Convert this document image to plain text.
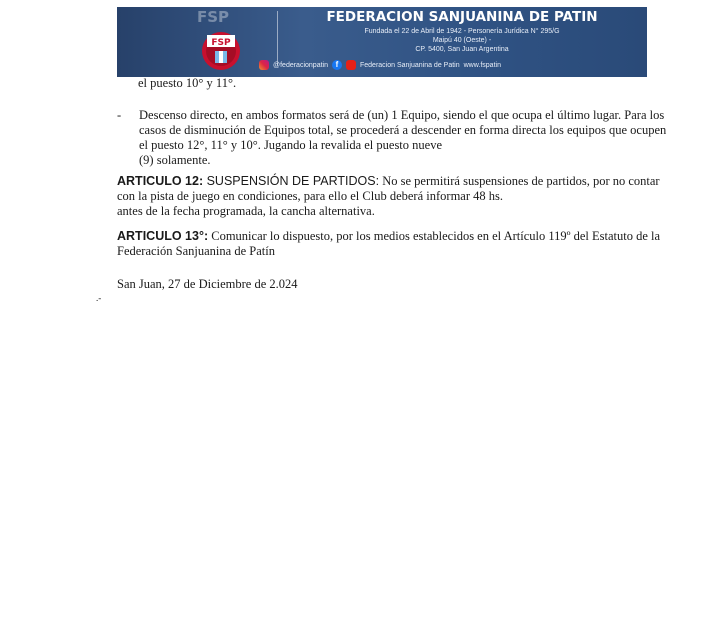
FSP
FSP
FEDERACION SANJUANINA DE PATIN
Fundada el 22 de Abril de 1942 - Personería Jurídica N° 295/G
Maipú 40 (Oeste) -
CP. 5400, San Juan Argentina
@federacionpatin f	Federacion Sanjuanina de Patin www.fspatin
el puesto 10° y 11°.
- Descenso directo, en ambos formatos será de (un) 1 Equipo, siendo el que ocupa el último lugar. Para los
casos de disminución de Equipos total, se procederá a descender en forma directa los equipos que ocupen
el puesto 12°, 11° y 10°. Jugando la revalida el puesto nueve
(9) solamente.
ARTICULO 12: SUSPENSIÓN DE PARTIDOS: No se permitirá suspensiones de partidos, por no contar
con la pista de juego en condiciones, para ello el Club deberá informar 48 hs.
antes de la fecha programada, la cancha alternativa.
ARTICULO 13°: Comunicar lo dispuesto, por los medios establecidos en el Artículo 119º del Estatuto de la
Federación Sanjuanina de Patín
San Juan, 27 de Diciembre de 2.024
.-
